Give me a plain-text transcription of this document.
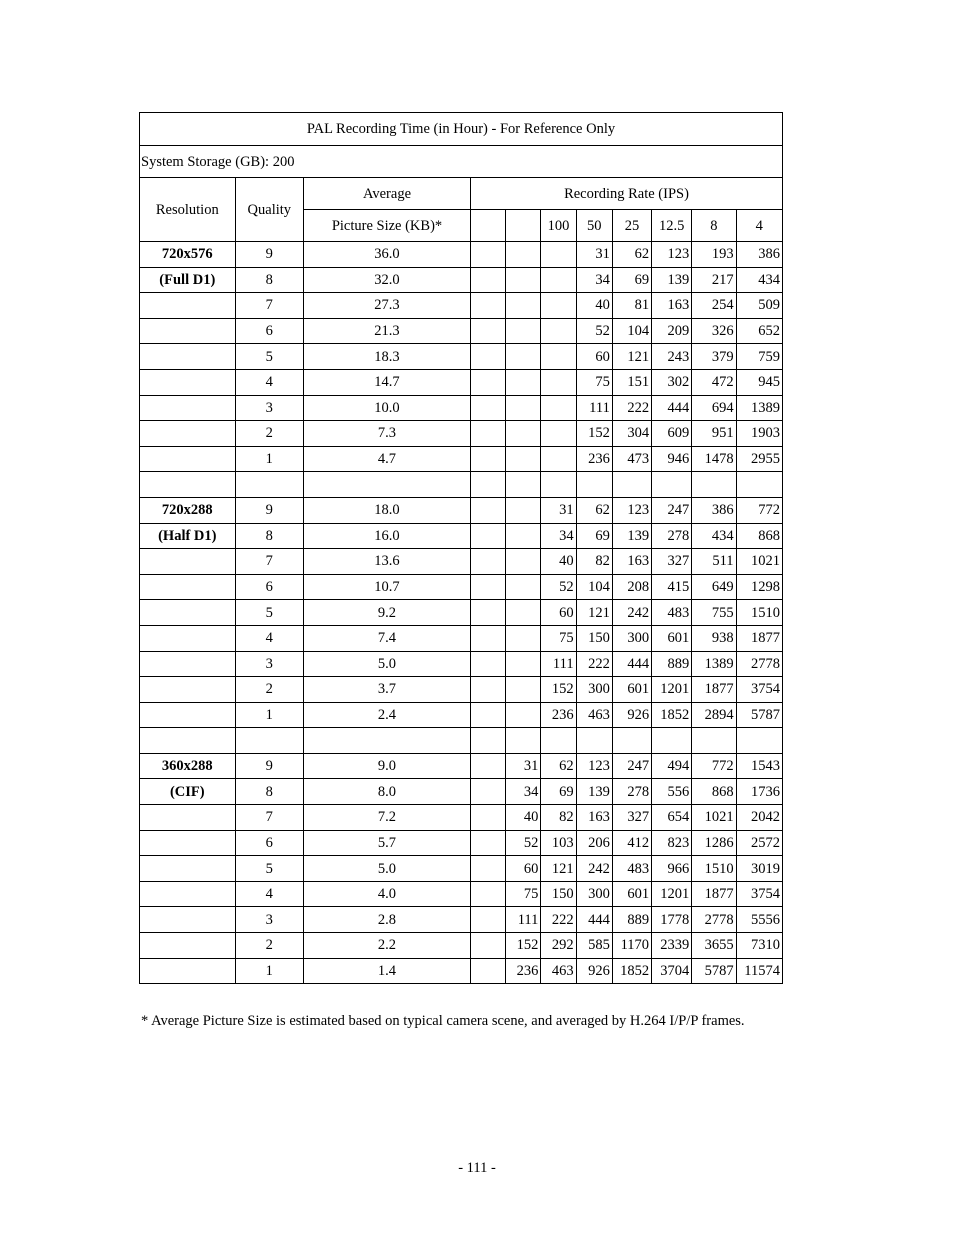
PAL Recording Time (in Hour) - For Reference Only										
System Storage (GB): 200										
Resolution	Quality	Average	Recording Rate (IPS)							
		Picture Size (KB)*			100	50	25	12.5	8	4
720x576	9	36.0				31	62	123	193	386
(Full D1)	8	32.0				34	69	139	217	434
	7	27.3				40	81	163	254	509
	6	21.3				52	104	209	326	652
	5	18.3				60	121	243	379	759
	4	14.7				75	151	302	472	945
	3	10.0				111	222	444	694	1389
	2	7.3				152	304	609	951	1903
	1	4.7				236	473	946	1478	2955

720x288	9	18.0			31	62	123	247	386	772
(Half D1)	8	16.0			34	69	139	278	434	868
	7	13.6			40	82	163	327	511	1021
	6	10.7			52	104	208	415	649	1298
	5	9.2			60	121	242	483	755	1510
	4	7.4			75	150	300	601	938	1877
	3	5.0			111	222	444	889	1389	2778
	2	3.7			152	300	601	1201	1877	3754
	1	2.4			236	463	926	1852	2894	5787

360x288	9	9.0		31	62	123	247	494	772	1543
(CIF)	8	8.0		34	69	139	278	556	868	1736
	7	7.2		40	82	163	327	654	1021	2042
	6	5.7		52	103	206	412	823	1286	2572
	5	5.0		60	121	242	483	966	1510	3019
	4	4.0		75	150	300	601	1201	1877	3754
	3	2.8		111	222	444	889	1778	2778	5556
	2	2.2		152	292	585	1170	2339	3655	7310
	1	1.4		236	463	926	1852	3704	5787	11574
* Average Picture Size is estimated based on typical camera scene, and averaged by H.264 I/P/P frames.
- 111 -
